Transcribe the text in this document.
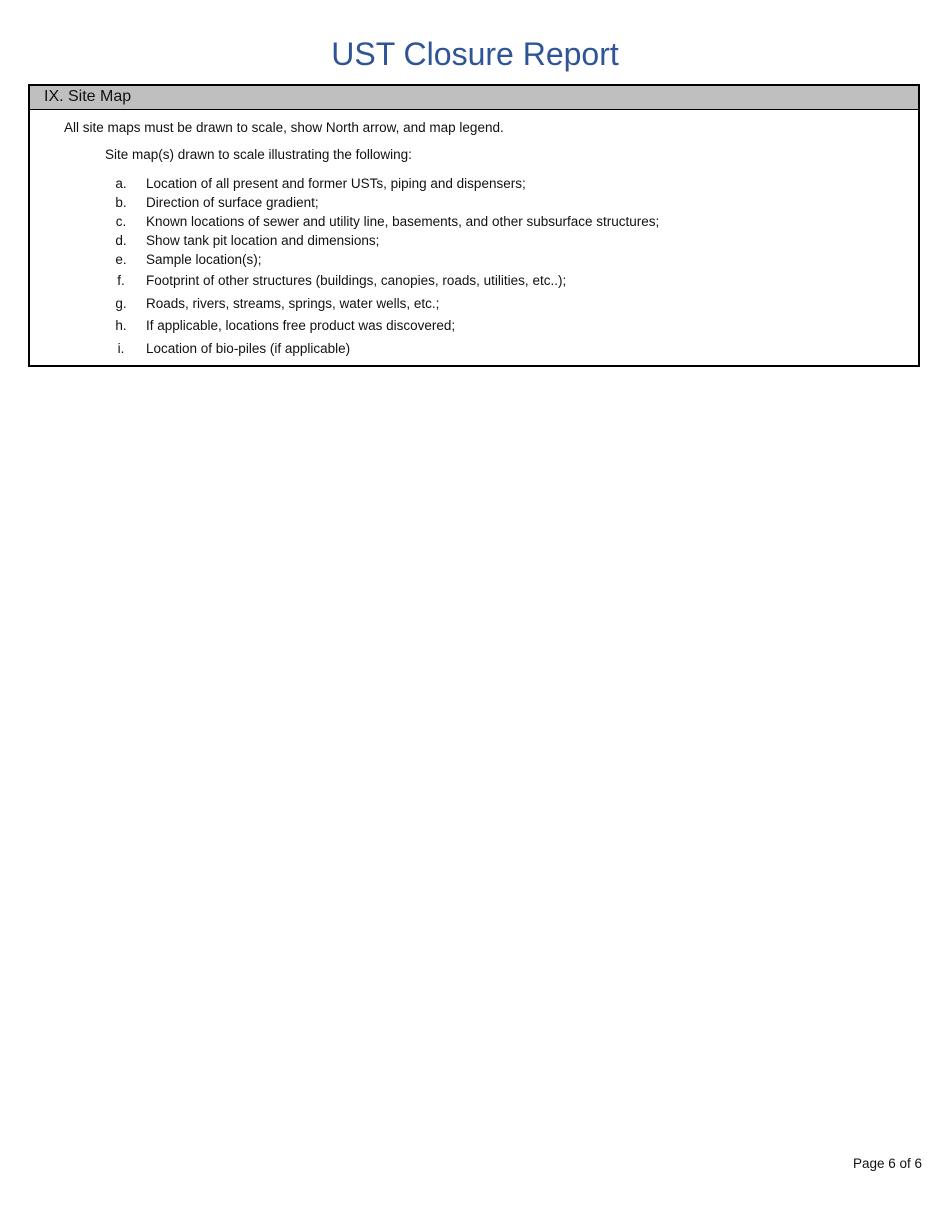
UST Closure Report
IX. Site Map
All site maps must be drawn to scale, show North arrow, and map legend.
Site map(s) drawn to scale illustrating the following:
a.	Location of all present and former USTs, piping and dispensers;
b.	Direction of surface gradient;
c.	Known locations of sewer and utility line, basements, and other subsurface structures;
d.	Show tank pit location and dimensions;
e.	Sample location(s);
f.	Footprint of other structures (buildings, canopies, roads, utilities, etc..);
g.	Roads, rivers, streams, springs, water wells, etc.;
h.	If applicable, locations free product was discovered;
i.	Location of bio-piles (if applicable)
Page 6 of 6
